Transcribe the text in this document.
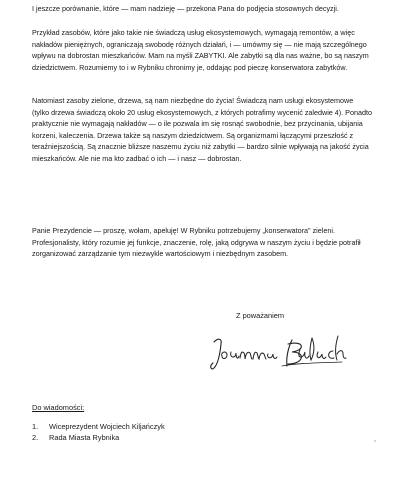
I jeszcze porównanie, które — mam nadzieję — przekona Pana do podjęcia stosownych decyzji.

Przykład zasobów, które jako takie nie świadczą usług ekosystemowych, wymagają remontów, a więc nakładów pieniężnych, ograniczają swobodę różnych działań, i — umówmy się — nie mają szczególnego wpływu na dobrostan mieszkańców. Mam na myśli ZABYTKI. Ale zabytki są dla nas ważne, bo są naszym dziedzictwem. Rozumiemy to i w Rybniku chronimy je, oddając pod pieczę konserwatora zabytków.

Natomiast zasoby zielone, drzewa, są nam niezbędne do życia! Świadczą nam usługi ekosystemowe (tylko drzewa świadczą około 20 usług ekosystemowych, z których potrafimy wycenić zaledwie 4). Ponadto praktycznie nie wymagają nakładów — o ile pozwala im się rosnąć swobodnie, bez przycinania, ubijania korzeni, kaleczenia. Drzewa także są naszym dziedzictwem. Są organizmami łączącymi przeszłość z teraźniejszością. Są znacznie bliższe naszemu życiu niż zabytki — bardzo silnie wpływają na jakość życia mieszkańców. Ale nie ma kto zadbać o ich — i nasz — dobrostan.

Panie Prezydencie — proszę, wołam, apeluję! W Rybniku potrzebujemy „konserwatora" zieleni. Profesjonalisty, który rozumie jej funkcje, znaczenie, rolę, jaką odgrywa w naszym życiu i będzie potrafił zorganizować zarządzanie tym niezwykle wartościowym i niezbędnym zasobem.

Z poważaniem
Do wiadomości:
1.	Wiceprezydent Wojciech Kiljańczyk
2.	Rada Miasta Rybnika
